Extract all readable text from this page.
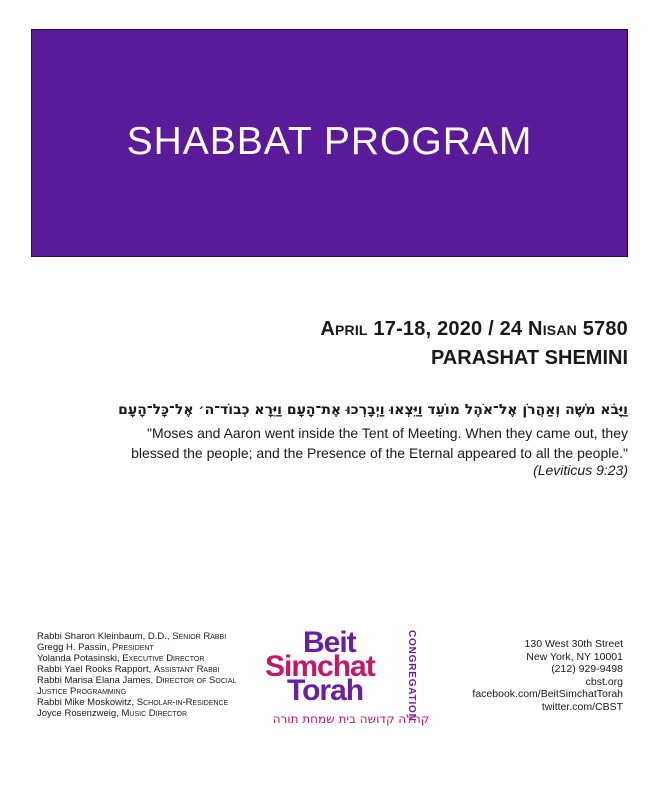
SHABBAT PROGRAM
April 17-18, 2020 / 24 Nisan 5780
PARASHAT SHEMINI
וַיָּבֹא מֹשֶׁה וְאַהֲרֹן אֶל־אֹהֶל מוֹעֵד וַיֵּצְאוּ וַיְבָרְכוּ אֶת־הָעָם וַיֵּרָא כְבוֹד־ה׳ אֶל־כָּל־הָעָם
"Moses and Aaron went inside the Tent of Meeting. When they came out, they blessed the people; and the Presence of the Eternal appeared to all the people."
(Leviticus 9:23)
Rabbi Sharon Kleinbaum, D.D., Senior Rabbi
Gregg H. Passin, President
Yolanda Potasinski, Executive Director
Rabbi Yael Rooks Rapport, Assistant Rabbi
Rabbi Marisa Elana James, Director of Social
Justice Programming
Rabbi Mike Moskowitz, Scholar-in-Residence
Joyce Rosenzweig, Music Director
Beit
Simchat
Torah	CONGREGATION
קהלה קדושה בית שמחת תורה
130 West 30th Street
New York, NY 10001
(212) 929-9498
cbst.org
facebook.com/BeitSimchatTorah
twitter.com/CBST
